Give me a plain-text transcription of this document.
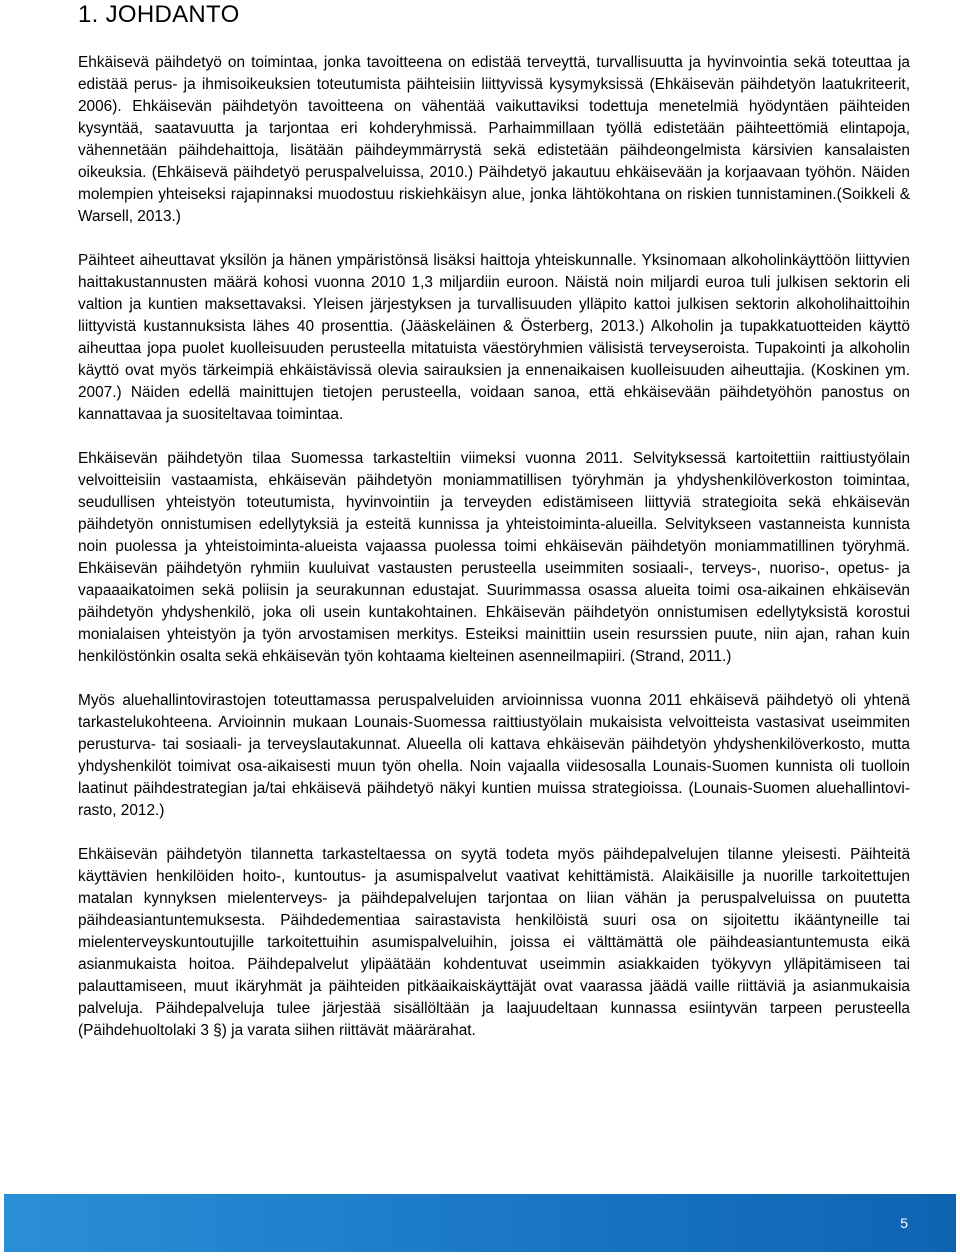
1. JOHDANTO

Ehkäisevä päihdetyö on toimintaa, jonka tavoitteena on edistää terveyttä, turvallisuutta ja hyvinvointia sekä toteuttaa ja edistää perus- ja ihmisoikeuksien toteutumista päihteisiin liittyvissä kysymyksissä (Ehkäisevän päihdetyön laatukriteerit, 2006). Ehkäisevän päihdetyön tavoitteena on vähentää vaikuttaviksi todettuja menetelmiä hyödyntäen päihteiden kysyntää, saatavuutta ja tarjontaa eri kohderyhmissä. Parhaimmillaan työllä edistetään päihteettömiä elintapoja, vähennetään päihdehaittoja, lisätään päihdeymmärrystä sekä edistetään päihdeongelmista kärsivien kansalaisten oikeuksia. (Ehkäisevä päihdetyö peruspalveluissa, 2010.) Päihdetyö jakautuu ehkäisevään ja korjaavaan työhön. Näiden molempien yhteiseksi rajapinnaksi muodostuu riskiehkäisyn alue, jonka lähtökohtana on riskien tunnistaminen.(Soikkeli & Warsell, 2013.)

Päihteet aiheuttavat yksilön ja hänen ympäristönsä lisäksi haittoja yhteiskunnalle. Yksinomaan alkoholinkäyttöön liittyvien haittakustannusten määrä kohosi vuonna 2010 1,3 miljardiin euroon. Näistä noin miljardi euroa tuli julkisen sektorin eli valtion ja kuntien maksettavaksi. Yleisen järjestyksen ja turvallisuuden ylläpito kattoi julkisen sektorin alkoholihaittoihin liittyvistä kustannuksista lähes 40 prosenttia. (Jääskeläinen & Österberg, 2013.) Alkoholin ja tupakkatuotteiden käyttö aiheuttaa jopa puolet kuolleisuuden perusteella mitatuista väestöryhmien välisistä terveyseroista. Tupakointi ja alkoholin käyttö ovat myös tärkeimpiä ehkäistävissä olevia sairauksien ja ennenaikaisen kuolleisuuden aiheuttajia. (Koskinen ym. 2007.) Näiden edellä mainittujen tietojen perusteella, voidaan sanoa, että ehkäisevään päihdetyöhön panostus on kannattavaa ja suositeltavaa toimintaa.

Ehkäisevän päihdetyön tilaa Suomessa tarkasteltiin viimeksi vuonna 2011. Selvityksessä kartoitettiin raittiustyölain velvoitteisiin vastaamista, ehkäisevän päihdetyön moniammatillisen työryhmän ja yhdyshenkilöverkoston toimintaa, seudullisen yhteistyön toteutumista, hyvinvointiin ja terveyden edistämiseen liittyviä strategioita sekä ehkäisevän päihdetyön onnistumisen edellytyksiä ja esteitä kunnissa ja yhteistoiminta-alueilla. Selvitykseen vastanneista kunnista noin puolessa ja yhteistoiminta-alueista vajaassa puolessa toimi ehkäisevän päihdetyön moniammatillinen työryhmä. Ehkäisevän päihdetyön ryhmiin kuuluivat vastausten perusteella useimmiten sosiaali-, terveys-, nuoriso-, opetus- ja vapaaaikatoimen sekä poliisin ja seurakunnan edustajat. Suurimmassa osassa alueita toimi osa-aikainen ehkäisevän päihdetyön yhdyshenkilö, joka oli usein kuntakohtainen. Ehkäisevän päihdetyön onnistumisen edellytyksistä korostui monialaisen yhteistyön ja työn arvostamisen merkitys. Esteiksi mainittiin usein resurssien puute, niin ajan, rahan kuin henkilöstönkin osalta sekä ehkäisevän työn kohtaama kielteinen asenneilmapiiri. (Strand, 2011.)

Myös aluehallintovirastojen toteuttamassa peruspalveluiden arvioinnissa vuonna 2011 ehkäisevä päihdetyö oli yhtenä tarkastelukohteena. Arvioinnin mukaan Lounais-Suomessa raittiustyölain mukaisista velvoitteista vastasivat useimmiten perusturva- tai sosiaali- ja terveyslautakunnat. Alueella oli kattava ehkäisevän päihdetyön yhdyshenkilöverkosto, mutta yhdyshenkilöt toimivat osa-aikaisesti muun työn ohella. Noin vajaalla viidesosalla Lounais-Suomen kunnista oli tuolloin laatinut päihdestrategian ja/tai ehkäisevä päihdetyö näkyi kuntien muissa strategioissa. (Lounais-Suomen aluehallintovirasto, 2012.)

Ehkäisevän päihdetyön tilannetta tarkasteltaessa on syytä todeta myös päihdepalvelujen tilanne yleisesti. Päihteitä käyttävien henkilöiden hoito-, kuntoutus- ja asumispalvelut vaativat kehittämistä. Alaikäisille ja nuorille tarkoitettujen matalan kynnyksen mielenterveys- ja päihdepalvelujen tarjontaa on liian vähän ja peruspalveluissa on puutetta päihdeasiantuntemuksesta. Päihdedementiaa sairastavista henkilöistä suuri osa on sijoitettu ikääntyneille tai mielenterveyskuntoutujille tarkoitettuihin asumispalveluihin, joissa ei välttämättä ole päihdeasiantuntemusta eikä asianmukaista hoitoa. Päihdepalvelut ylipäätään kohdentuvat useimmin asiakkaiden työkyvyn ylläpitämiseen tai palauttamiseen, muut ikäryhmät ja päihteiden pitkäaikaiskäyttäjät ovat vaarassa jäädä vaille riittäviä ja asianmukaisia palveluja. Päihdepalveluja tulee järjestää sisällöltään ja laajuudeltaan kunnassa esiintyvän tarpeen perusteella (Päihdehuoltolaki 3 §) ja varata siihen riittävät määrärahat.

5
